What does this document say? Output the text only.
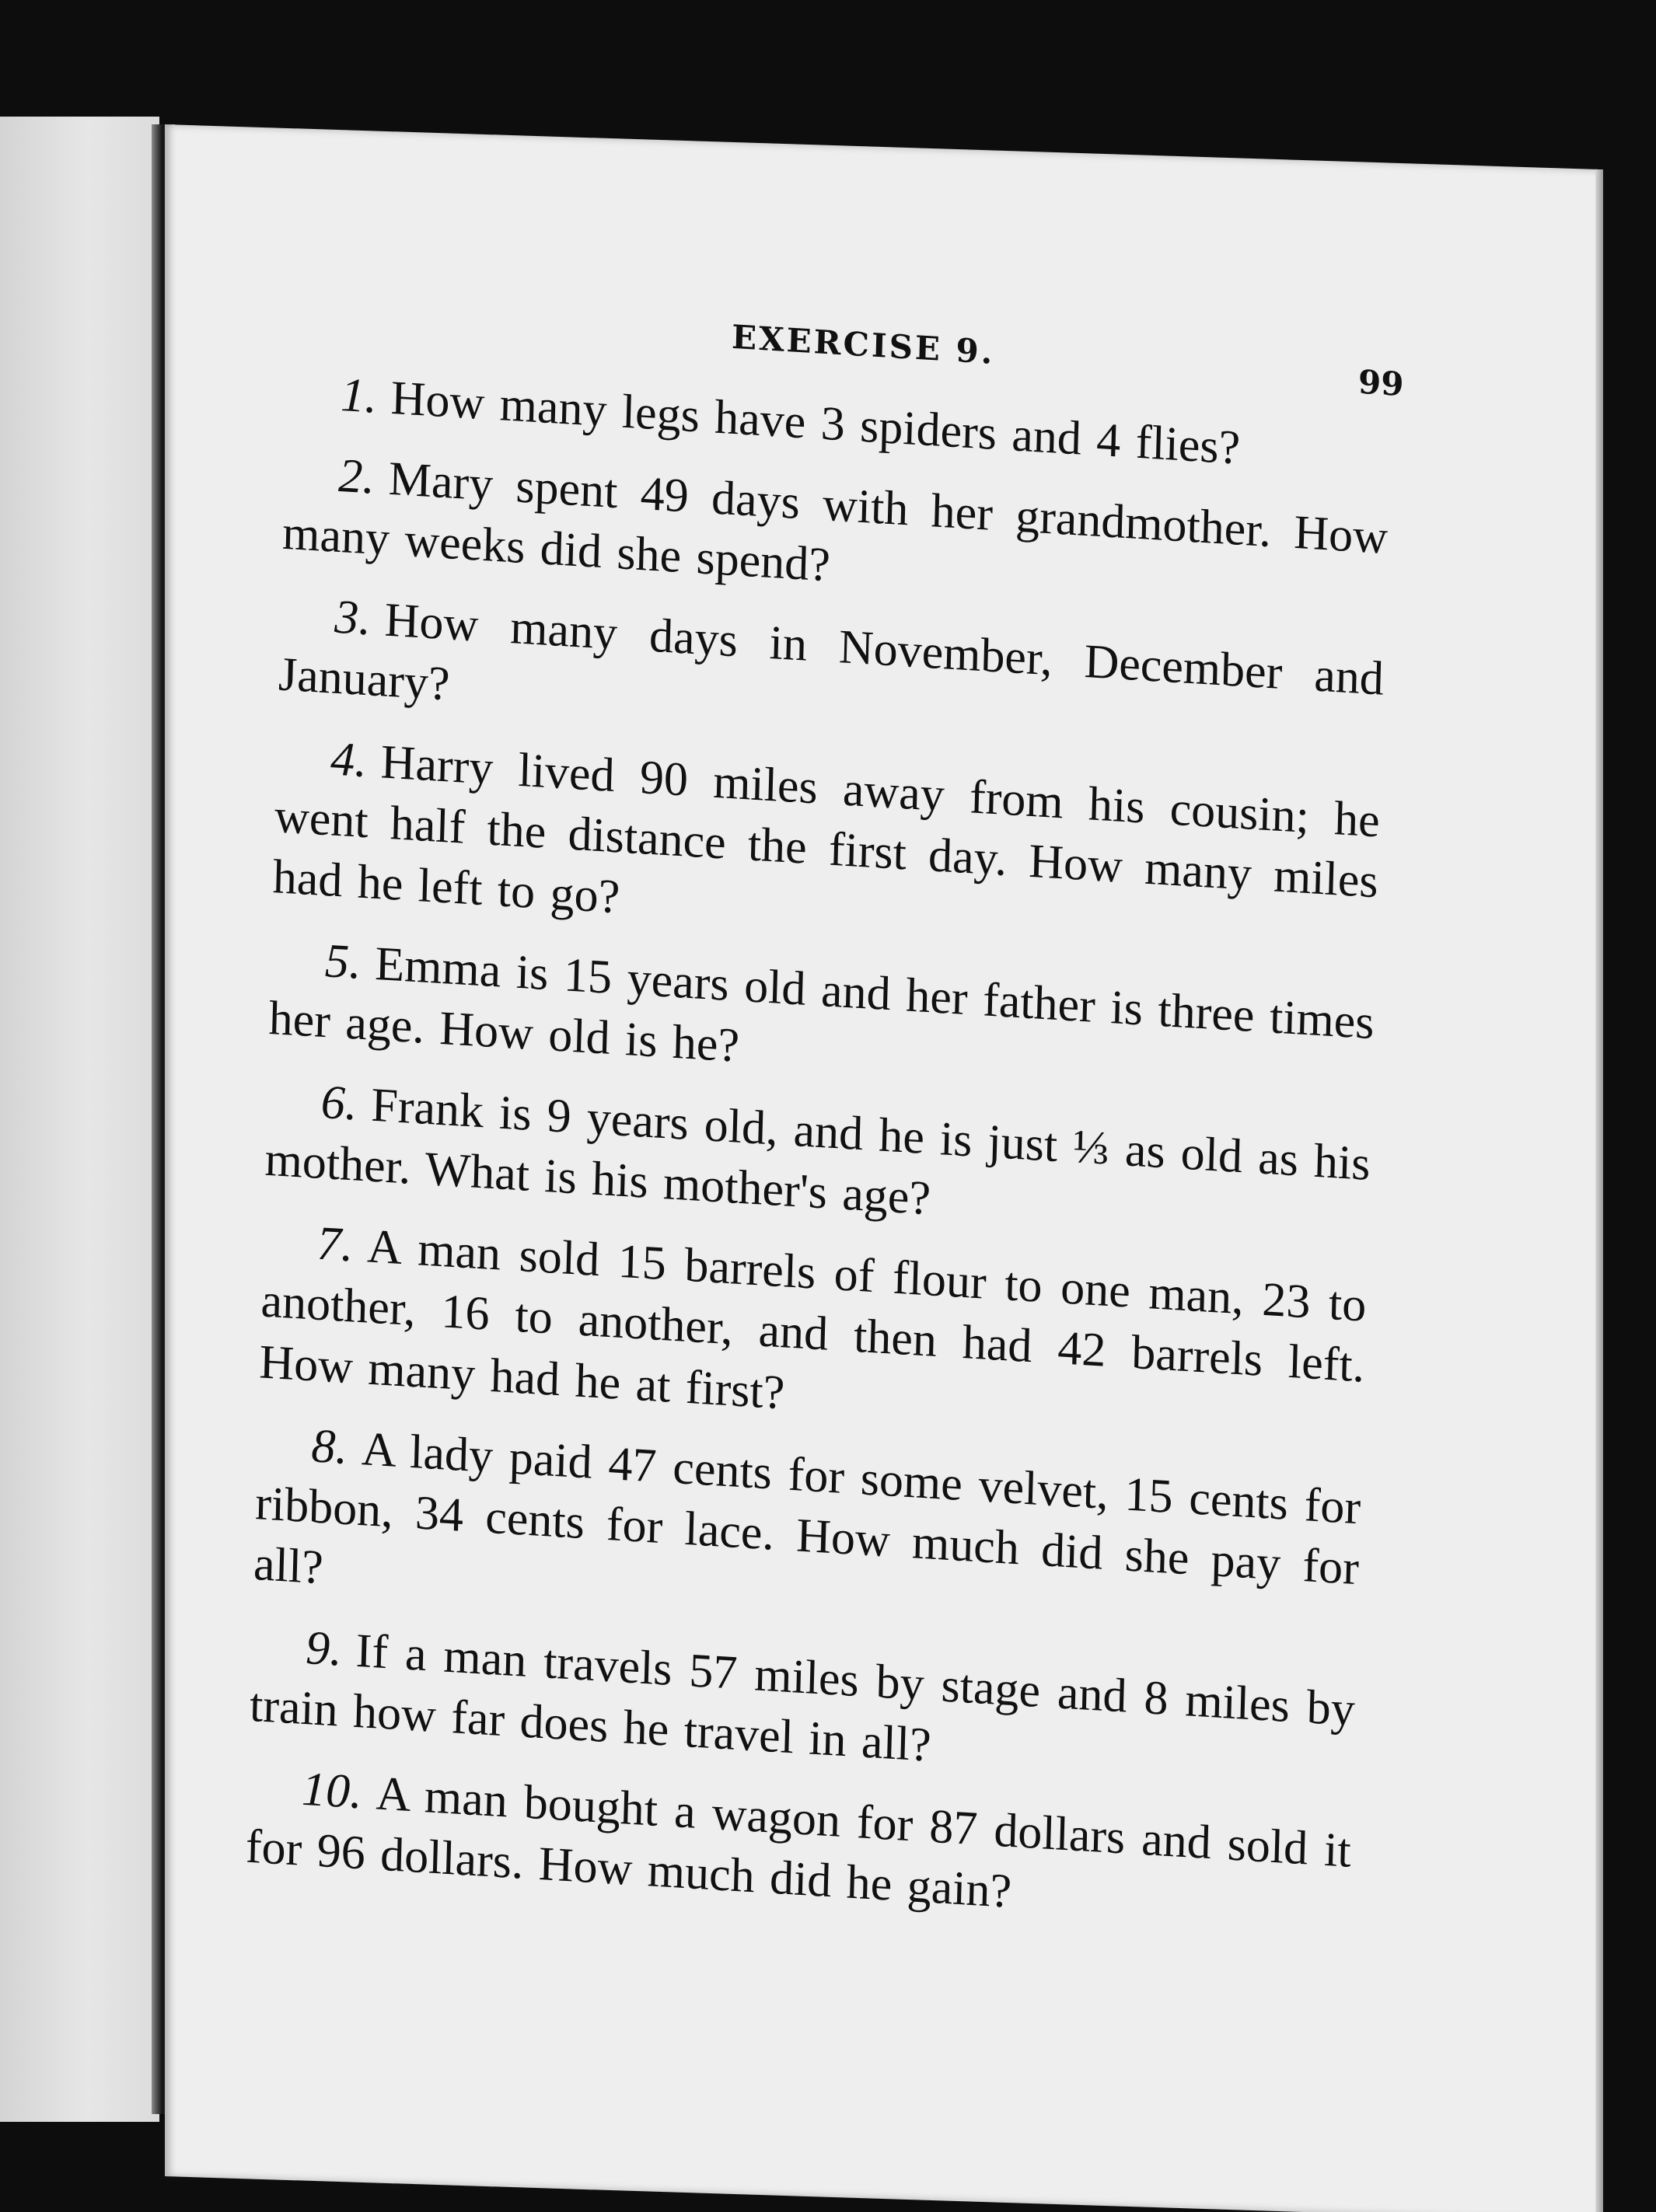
EXERCISE 9.
99

1. How many legs have 3 spiders and 4 flies?

2. Mary spent 49 days with her grandmother. How many weeks did she spend?

3. How many days in November, December and January?

4. Harry lived 90 miles away from his cousin; he went half the distance the first day. How many miles had he left to go?

5. Emma is 15 years old and her father is three times her age. How old is he?

6. Frank is 9 years old, and he is just ⅓ as old as his mother. What is his mother's age?

7. A man sold 15 barrels of flour to one man, 23 to another, 16 to another, and then had 42 barrels left. How many had he at first?

8. A lady paid 47 cents for some velvet, 15 cents for ribbon, 34 cents for lace. How much did she pay for all?

9. If a man travels 57 miles by stage and 8 miles by train how far does he travel in all?

10. A man bought a wagon for 87 dollars and sold it for 96 dollars. How much did he gain?
